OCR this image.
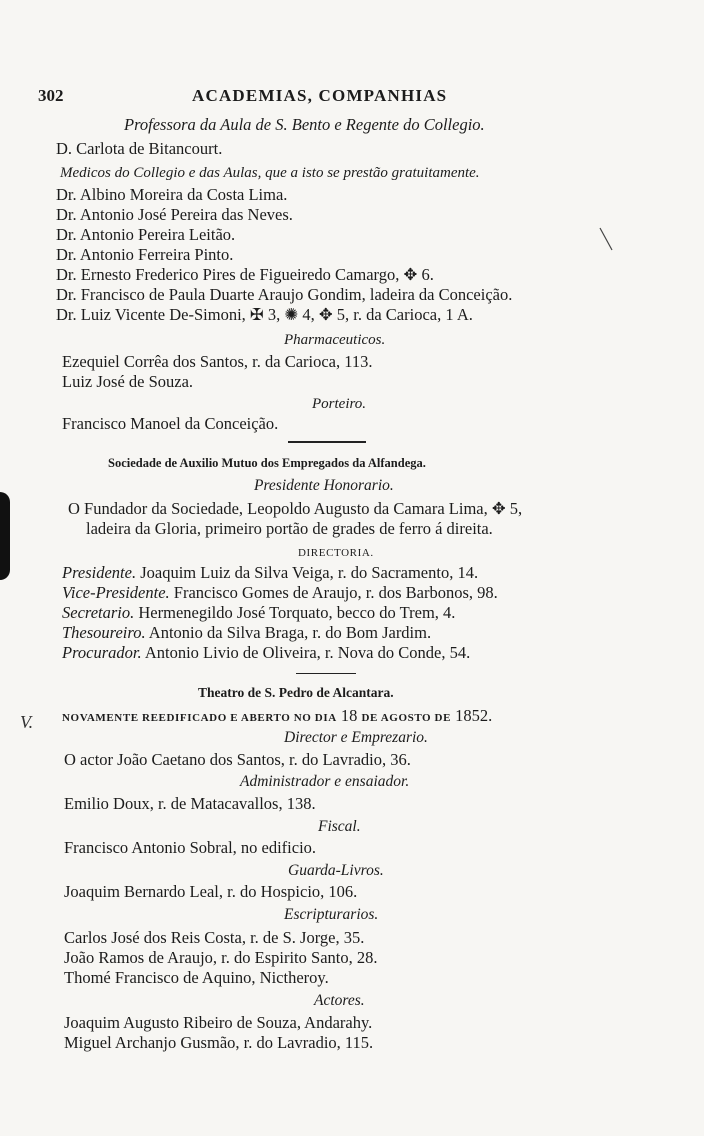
302	ACADEMIAS, COMPANHIAS
Professora da Aula de S. Bento e Regente do Collegio.
D. Carlota de Bitancourt.
Medicos do Collegio e das Aulas, que a isto se prestão gratuitamente.
Dr. Albino Moreira da Costa Lima.
Dr. Antonio José Pereira das Neves.
Dr. Antonio Pereira Leitão.
Dr. Antonio Ferreira Pinto.
Dr. Ernesto Frederico Pires de Figueiredo Camargo, ✥ 6.
Dr. Francisco de Paula Duarte Araujo Gondim, ladeira da Conceição.
Dr. Luiz Vicente De-Simoni, ✠ 3, ✺ 4, ✥ 5, r. da Carioca, 1 A.
Pharmaceuticos.
Ezequiel Corrêa dos Santos, r. da Carioca, 113.
Luiz José de Souza.
Porteiro.
Francisco Manoel da Conceição.
Sociedade de Auxilio Mutuo dos Empregados da Alfandega.
Presidente Honorario.
O Fundador da Sociedade, Leopoldo Augusto da Camara Lima, ✥ 5,
ladeira da Gloria, primeiro portão de grades de ferro á direita.
DIRECTORIA.
Presidente. Joaquim Luiz da Silva Veiga, r. do Sacramento, 14.
Vice-Presidente. Francisco Gomes de Araujo, r. dos Barbonos, 98.
Secretario. Hermenegildo José Torquato, becco do Trem, 4.
Thesoureiro. Antonio da Silva Braga, r. do Bom Jardim.
Procurador. Antonio Livio de Oliveira, r. Nova do Conde, 54.
Theatro de S. Pedro de Alcantara.
NOVAMENTE REEDIFICADO E ABERTO NO DIA 18 DE AGOSTO DE 1852.
Director e Emprezario.
O actor João Caetano dos Santos, r. do Lavradio, 36.
Administrador e ensaiador.
Emilio Doux, r. de Matacavallos, 138.
Fiscal.
Francisco Antonio Sobral, no edificio.
Guarda-Livros.
Joaquim Bernardo Leal, r. do Hospicio, 106.
Escripturarios.
Carlos José dos Reis Costa, r. de S. Jorge, 35.
João Ramos de Araujo, r. do Espirito Santo, 28.
Thomé Francisco de Aquino, Nictheroy.
Actores.
Joaquim Augusto Ribeiro de Souza, Andarahy.
Miguel Archanjo Gusmão, r. do Lavradio, 115.
V.
